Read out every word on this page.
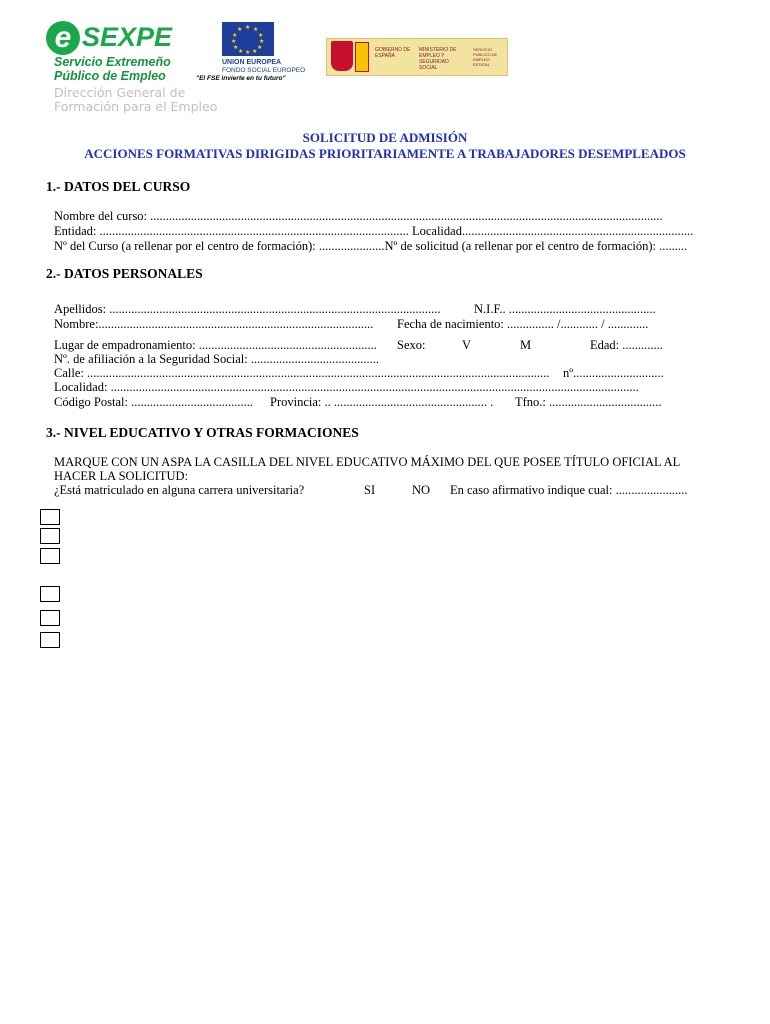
e SEXPE
Servicio Extremeño
Público de Empleo
★ ★
★
★
★
★
★
★
★
★
★
★
UNION EUROPEA
FONDO SOCIAL EUROPEO
"El FSE invierte en tu futuro"
GOBIERNO DE ESPAÑA
MINISTERIO DE EMPLEO Y SEGURIDAD SOCIAL
SERVICIO PÚBLICO DE EMPLEO ESTATAL
Dirección General de
Formación para el Empleo
SOLICITUD DE ADMISIÓN
ACCIONES FORMATIVAS DIRIGIDAS PRIORITARIAMENTE A TRABAJADORES DESEMPLEADOS
1.- DATOS DEL CURSO
Nombre del curso: ....................................................................................................................................................................
Entidad: ................................................................................................... Localidad..........................................................................
Nº del Curso (a rellenar por el centro de formación): .....................Nº de solicitud (a rellenar por el centro de formación): .........
2.- DATOS PERSONALES
Apellidos: ..........................................................................................................	N.I.F.. ...............................................
Nombre:........................................................................................ Fecha de nacimiento: ............... /............ / .............
Lugar de empadronamiento: ......................................................... Sexo:	V	M	Edad: .............
Nº. de afiliación a la Seguridad Social: .........................................
Calle: .................................................................................................................................................... nº.............................
Localidad: .........................................................................................................................................................................
Código Postal: ....................................... Provincia: .. ................................................. . Tfno.: ....................................
3.- NIVEL EDUCATIVO Y OTRAS FORMACIONES
MARQUE CON UN ASPA LA CASILLA DEL NIVEL EDUCATIVO MÁXIMO DEL QUE POSEE TÍTULO OFICIAL AL
HACER LA SOLICITUD:
¿Está matriculado en alguna carrera universitaria?	SI	NO En caso afirmativo indique cual: .......................
